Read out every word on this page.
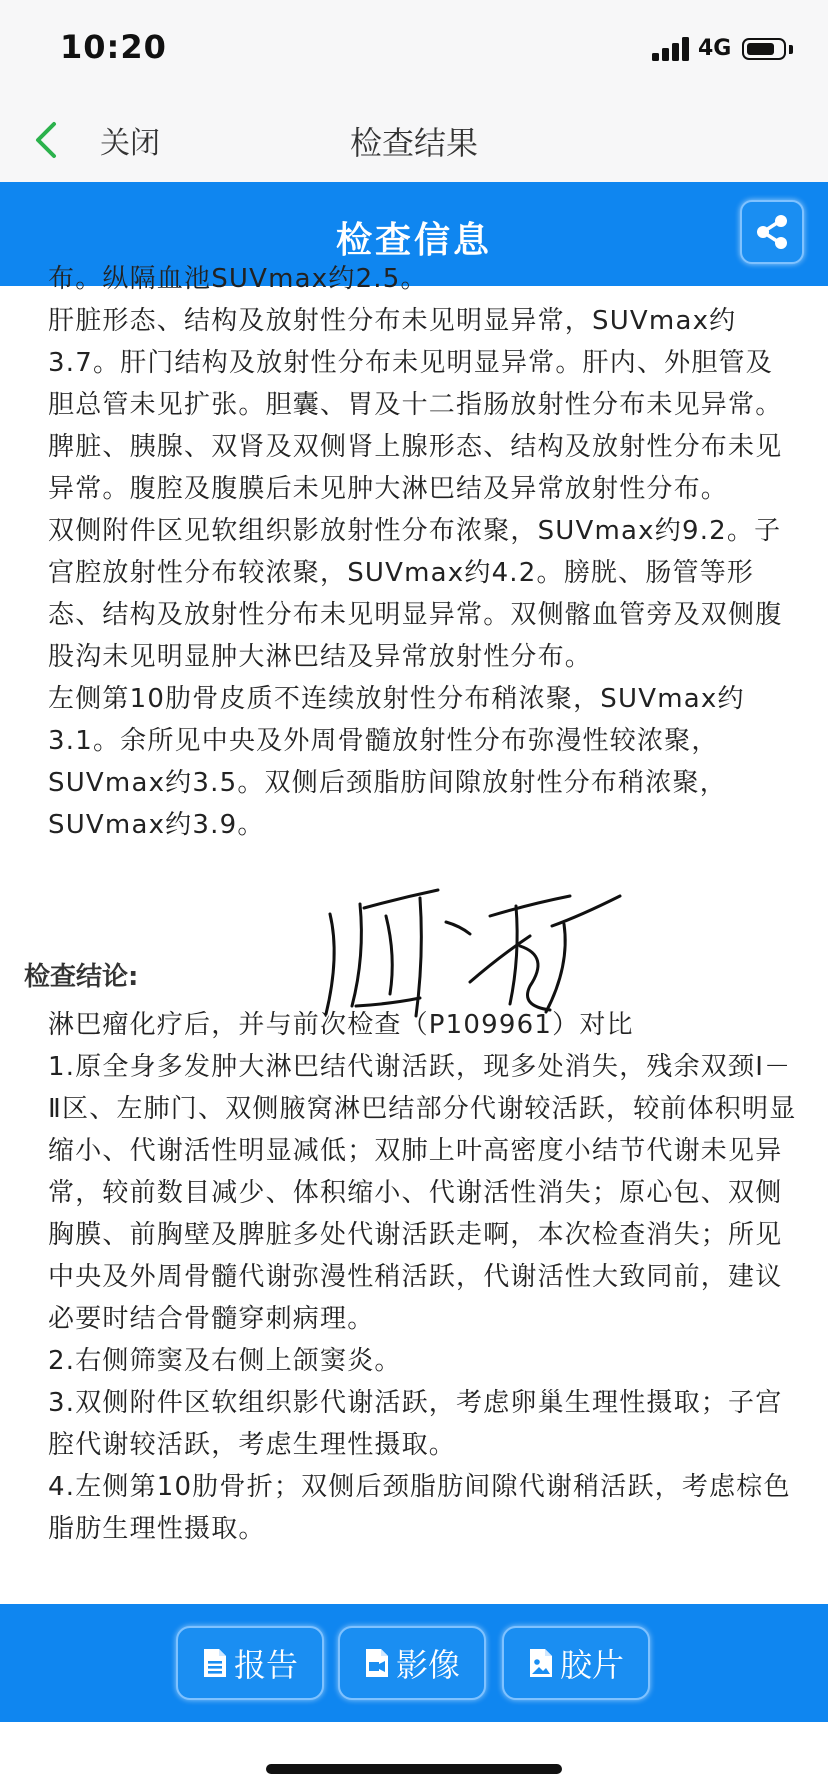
10:20	4G
关闭	检查结果
检查信息

布。纵隔血池SUVmax约2.5。

肝脏形态、结构及放射性分布未见明显异常，SUVmax约3.7。肝门结构及放射性分布未见明显异常。肝内、外胆管及胆总管未见扩张。胆囊、胃及十二指肠放射性分布未见异常。脾脏、胰腺、双肾及双侧肾上腺形态、结构及放射性分布未见异常。腹腔及腹膜后未见肿大淋巴结及异常放射性分布。

双侧附件区见软组织影放射性分布浓聚，SUVmax约9.2。子宫腔放射性分布较浓聚，SUVmax约4.2。膀胱、肠管等形态、结构及放射性分布未见明显异常。双侧髂血管旁及双侧腹股沟未见明显肿大淋巴结及异常放射性分布。

左侧第10肋骨皮质不连续放射性分布稍浓聚，SUVmax约3.1。余所见中央及外周骨髓放射性分布弥漫性较浓聚，SUVmax约3.5。双侧后颈脂肪间隙放射性分布稍浓聚，SUVmax约3.9。

检查结论:

淋巴瘤化疗后，并与前次检查（P109961）对比

1.原全身多发肿大淋巴结代谢活跃，现多处消失，残余双颈Ⅰ－Ⅱ区、左肺门、双侧腋窝淋巴结部分代谢较活跃，较前体积明显缩小、代谢活性明显减低；双肺上叶高密度小结节代谢未见异常，较前数目减少、体积缩小、代谢活性消失；原心包、双侧胸膜、前胸壁及脾脏多处代谢活跃走啊，本次检查消失；所见中央及外周骨髓代谢弥漫性稍活跃，代谢活性大致同前，建议必要时结合骨髓穿刺病理。

2.右侧筛窦及右侧上颌窦炎。

3.双侧附件区软组织影代谢活跃，考虑卵巢生理性摄取；子宫腔代谢较活跃，考虑生理性摄取。

4.左侧第10肋骨折；双侧后颈脂肪间隙代谢稍活跃，考虑棕色脂肪生理性摄取。

报告	影像	胶片
